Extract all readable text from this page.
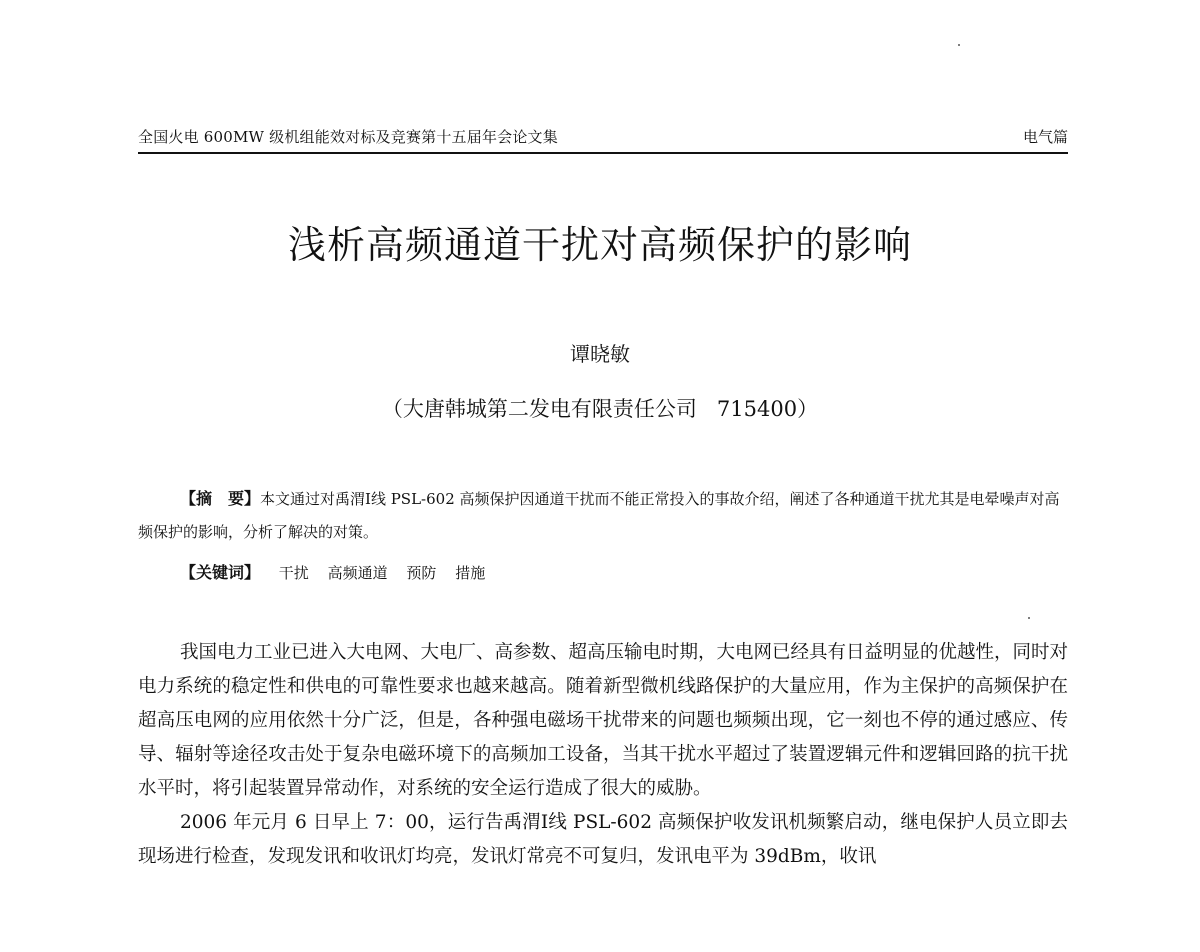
全国火电 600MW 级机组能效对标及竞赛第十五届年会论文集	电气篇
浅析高频通道干扰对高频保护的影响
谭晓敏
（大唐韩城第二发电有限责任公司 715400）
【摘　要】本文通过对禹渭Ⅰ线 PSL-602 高频保护因通道干扰而不能正常投入的事故介绍，阐述了各种通道干扰尤其是电晕噪声对高频保护的影响，分析了解决的对策。
【关键词】 干扰 高频通道 预防 措施

我国电力工业已进入大电网、大电厂、高参数、超高压输电时期，大电网已经具有日益明显的优越性，同时对电力系统的稳定性和供电的可靠性要求也越来越高。随着新型微机线路保护的大量应用，作为主保护的高频保护在超高压电网的应用依然十分广泛，但是，各种强电磁场干扰带来的问题也频频出现，它一刻也不停的通过感应、传导、辐射等途径攻击处于复杂电磁环境下的高频加工设备，当其干扰水平超过了装置逻辑元件和逻辑回路的抗干扰水平时，将引起装置异常动作，对系统的安全运行造成了很大的威胁。

2006 年元月 6 日早上 7：00，运行告禹渭Ⅰ线 PSL-602 高频保护收发讯机频繁启动，继电保护人员立即去现场进行检查，发现发讯和收讯灯均亮，发讯灯常亮不可复归，发讯电平为 39dBm，收讯
